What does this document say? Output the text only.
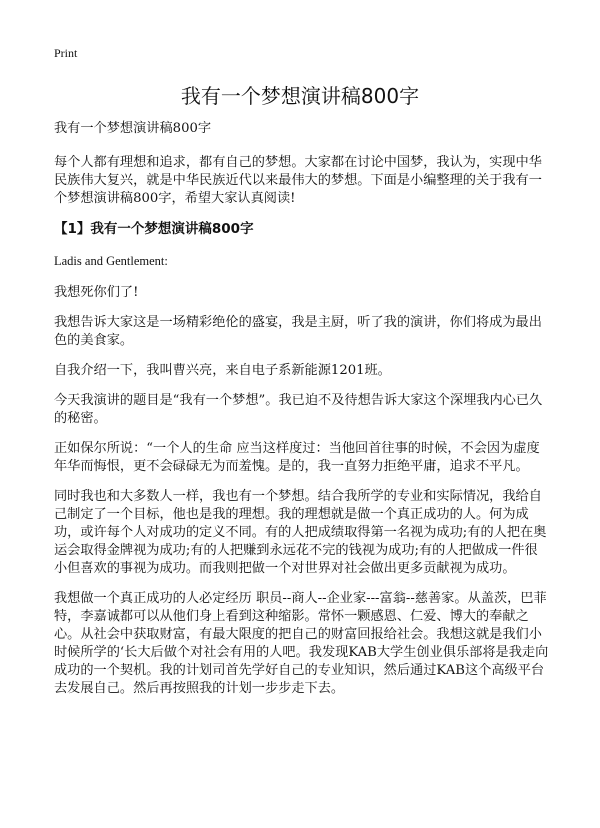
Print
我有一个梦想演讲稿800字

我有一个梦想演讲稿800字

每个人都有理想和追求，都有自己的梦想。大家都在讨论中国梦，我认为，实现中华民族伟大复兴，就是中华民族近代以来最伟大的梦想。下面是小编整理的关于我有一个梦想演讲稿800字，希望大家认真阅读!

【1】我有一个梦想演讲稿800字

Ladis and Gentlement:

我想死你们了!

我想告诉大家这是一场精彩绝伦的盛宴，我是主厨，听了我的演讲，你们将成为最出色的美食家。

自我介绍一下，我叫曹兴亮，来自电子系新能源1201班。

今天我演讲的题目是“我有一个梦想”。我已迫不及待想告诉大家这个深埋我内心已久的秘密。

正如保尔所说：“一个人的生命 应当这样度过：当他回首往事的时候，不会因为虚度年华而悔恨，更不会碌碌无为而羞愧。是的，我一直努力拒绝平庸，追求不平凡。

同时我也和大多数人一样，我也有一个梦想。结合我所学的专业和实际情况，我给自己制定了一个目标，他也是我的理想。我的理想就是做一个真正成功的人。何为成功，或许每个人对成功的定义不同。有的人把成绩取得第一名视为成功;有的人把在奥运会取得金牌视为成功;有的人把赚到永远花不完的钱视为成功;有的人把做成一件很小但喜欢的事视为成功。而我则把做一个对世界对社会做出更多贡献视为成功。

我想做一个真正成功的人必定经历 职员--商人--企业家---富翁--慈善家。从盖茨，巴菲特，李嘉诚都可以从他们身上看到这种缩影。常怀一颗感恩、仁爱、博大的奉献之心。从社会中获取财富，有最大限度的把自己的财富回报给社会。我想这就是我们小时候所学的‘长大后做个对社会有用的人吧。我发现KAB大学生创业俱乐部将是我走向成功的一个契机。我的计划司首先学好自己的专业知识，然后通过KAB这个高级平台去发展自己。然后再按照我的计划一步步走下去。
